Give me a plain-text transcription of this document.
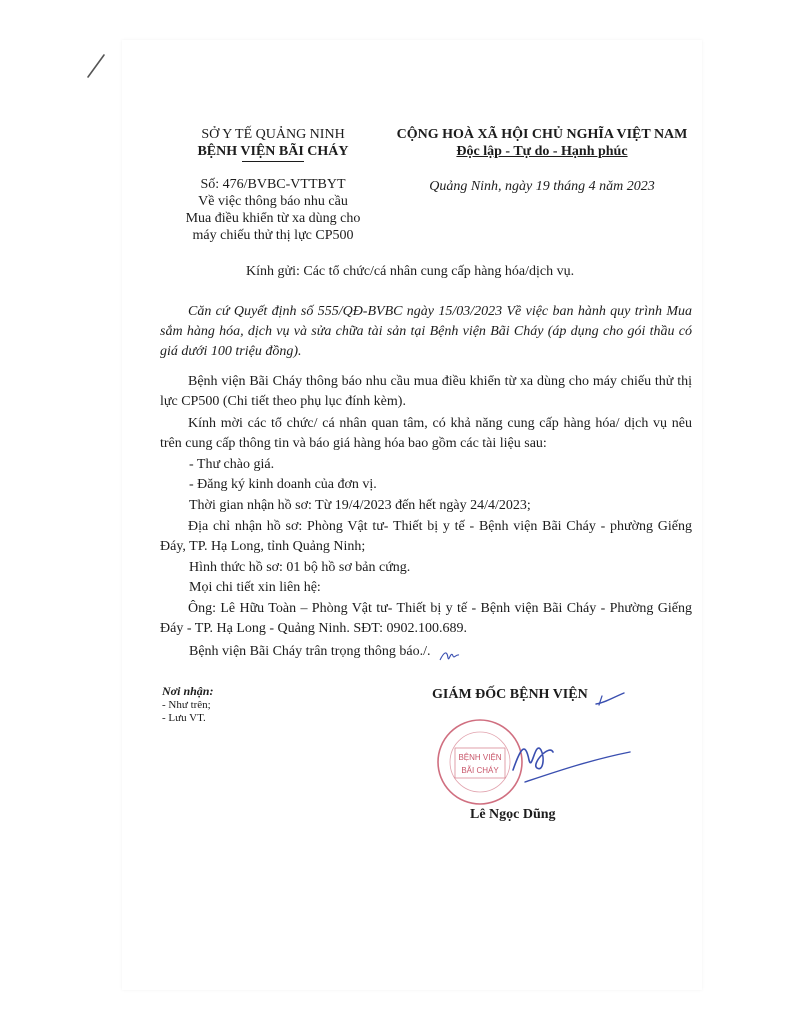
SỞ Y TẾ QUẢNG NINH
BỆNH VIỆN BÃI CHÁY
Số: 476/BVBC-VTTBYT
Về việc thông báo nhu cầu
Mua điều khiển từ xa dùng cho
máy chiếu thử thị lực CP500
CỘNG HOÀ XÃ HỘI CHỦ NGHĨA VIỆT NAM
Độc lập - Tự do - Hạnh phúc
Quảng Ninh, ngày 19 tháng 4 năm 2023
Kính gửi: Các tổ chức/cá nhân cung cấp hàng hóa/dịch vụ.
Căn cứ Quyết định số 555/QĐ-BVBC ngày 15/03/2023 Về việc ban hành quy trình Mua sắm hàng hóa, dịch vụ và sửa chữa tài sản tại Bệnh viện Bãi Cháy (áp dụng cho gói thầu có giá dưới 100 triệu đồng).
Bệnh viện Bãi Cháy thông báo nhu cầu mua điều khiển từ xa dùng cho máy chiếu thử thị lực CP500 (Chi tiết theo phụ lục đính kèm).
Kính mời các tổ chức/ cá nhân quan tâm, có khả năng cung cấp hàng hóa/ dịch vụ nêu trên cung cấp thông tin và báo giá hàng hóa bao gồm các tài liệu sau:
- Thư chào giá.
- Đăng ký kinh doanh của đơn vị.
Thời gian nhận hồ sơ: Từ 19/4/2023 đến hết ngày 24/4/2023;
Địa chỉ nhận hồ sơ: Phòng Vật tư- Thiết bị y tế - Bệnh viện Bãi Cháy - phường Giếng Đáy, TP. Hạ Long, tỉnh Quảng Ninh;
Hình thức hồ sơ: 01 bộ hồ sơ bản cứng.
Mọi chi tiết xin liên hệ:
Ông: Lê Hữu Toàn – Phòng Vật tư- Thiết bị y tế - Bệnh viện Bãi Cháy - Phường Giếng Đáy - TP. Hạ Long - Quảng Ninh. SĐT: 0902.100.689.
Bệnh viện Bãi Cháy trân trọng thông báo./.
Nơi nhận:
- Như trên;
- Lưu VT.
GIÁM ĐỐC BỆNH VIỆN
BỆNH VIỆN
BÃI CHÁY
Lê Ngọc Dũng
